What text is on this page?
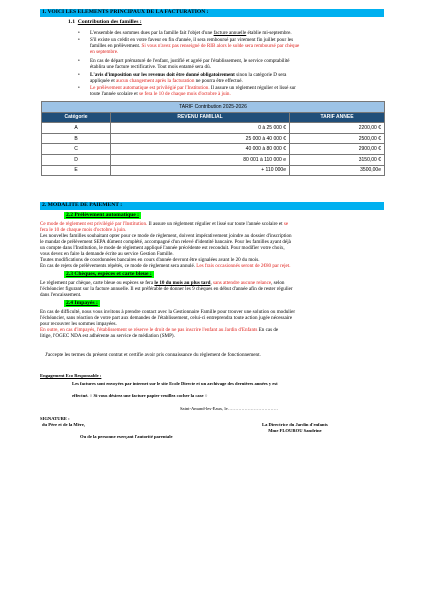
1. VOICI LES ELEMENTS PRINCIPAUX DE LA FACTURATION :
1.1 Contribution des familles :
• L'ensemble des sommes dues par la famille fait l'objet d'une facture annuelle établie mi-septembre.

• S'il existe un crédit en votre faveur en fin d'année, il sera remboursé par virement fin juillet pour les
familles en prélèvement. Si vous n'avez pas renseigné de RIB alors le solde sera remboursé par chèque
en septembre.

• En cas de départ prématuré de l'enfant, justifié et agréé par l'établissement, le service comptabilité
établira une facture rectificative. Tout mois entamé sera dû.

• L'avis d'imposition sur les revenus doit être donné obligatoirement sinon la catégorie D sera
appliquée et aucun changement après la facturation ne pourra être effectué.

• Le prélèvement automatique est privilégié par l'Institution. Il assure un règlement régulier et lissé sur
toute l'année scolaire et se fera le 10 de chaque mois d'octobre à juin.

TARIF Contribution 2025-2026		
Catégorie	REVENU FAMILIAL	TARIF ANNEE
A	0 à 25 000 €	2200,00 €
B	25 000 à 40 000 €	2500,00 €
C	40 000 à 80 000 €	2900,00 €
D	80 001 à 110 000 e	3150,00 €
E	+ 110 000e	3500,00e
2. MODALITE DE PAIEMENT :
2.2 Prélèvement automatique :

Ce mode de règlement est privilégié par l'Institution. Il assure un règlement régulier et lissé sur toute l'année scolaire et se
fera le 10 de chaque mois d'octobre à juin.
Les nouvelles familles souhaitant opter pour ce mode de règlement, doivent impérativement joindre au dossier d'inscription
le mandat de prélèvement SEPA dûment complété, accompagné d'un relevé d'identité bancaire. Pour les familles ayant déjà
un compte dans l'Institution, le mode de règlement appliqué l'année précédente est reconduit. Pour modifier votre choix,
vous devez en faire la demande écrite au service Gestion Famille.
Toutes modifications de coordonnées bancaires en cours d'année devront être signalées avant le 20 du mois.
En cas de rejets de prélèvements répétés, ce mode de règlement sera annulé. Les frais occasionnés seront de 2€80 par rejet.

2.3 Chèques, espèces et carte bleue :

Le règlement par chèque, carte bleue ou espèces se fera le 10 du mois au plus tard, sans attendre aucune relance, selon
l'échéancier figurant sur la facture annuelle. Il est préférable de donner les 9 chèques en début d'année afin de rester régulier
dans l'encaissement.

2.4 Impayés :

En cas de difficulté, nous vous invitons à prendre contact avec la Gestionnaire Famille pour trouver une solution ou modulier
l'échéancier, sans réaction de votre part aux demandes de l'établissement, celui-ci entreprendra toute action jugée nécessaire
pour recouvrer les sommes impayées.
En outre, en cas d'impayés, l'établissement se réserve le droit de ne pas inscrire l'enfant au Jardin d'Enfants En cas de
litige, l'OGEC NDA est adhérente au service de médiation (SMP).

J'accepte les termes du présent contrat et certifie avoir pris connaissance du règlement de fonctionnement.

Engagement Eco Responsable :

Les factures sont envoyées par internet sur le site Ecole Directe et un archivage des dernières années y est

effectué. ○ Si vous désirez une facture papier veuillez cocher la case ○

Saint-Amand-les-Eaux, le……………………………

SIGNATURE :

du Père et de la Mère,	La Directrice du Jardin d'enfants
Mme FLOUROU Sandrine

Ou de la personne exerçant l'autorité parentale
